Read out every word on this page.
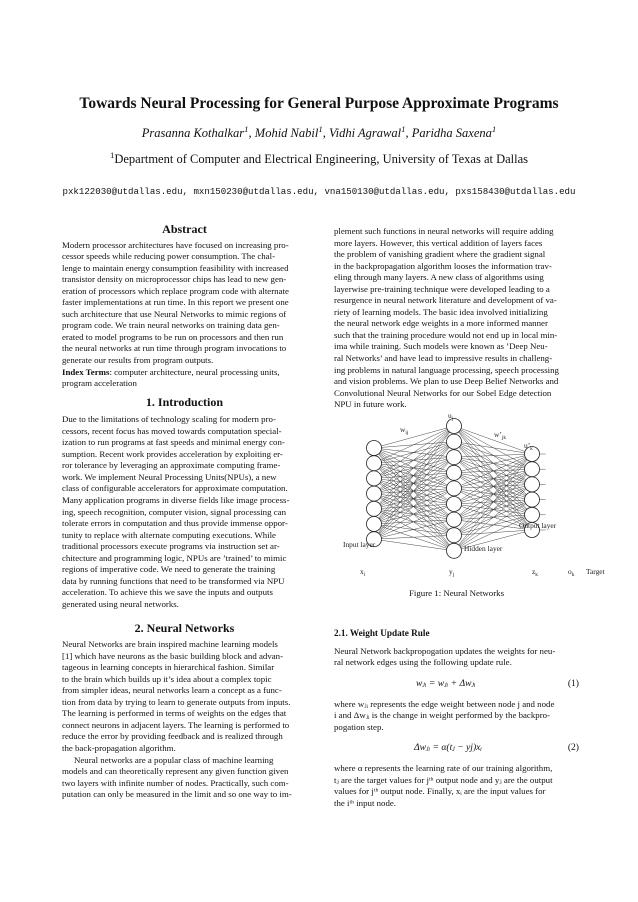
Towards Neural Processing for General Purpose Approximate Programs
Prasanna Kothalkar$^1$, Mohid Nabil$^1$, Vidhi Agrawal$^1$, Paridha Saxena$^1$
$^1$Department of Computer and Electrical Engineering, University of Texas at Dallas
pxk122030@utdallas.edu, mxn150230@utdallas.edu, vna150130@utdallas.edu, pxs158430@utdallas.edu
Abstract
Modern processor architectures have focused on increasing pro-
cessor speeds while reducing power consumption. The chal-
lenge to maintain energy consumption feasibility with increased
transistor density on microprocessor chips has lead to new gen-
eration of processors which replace program code with alternate
faster implementations at run time. In this report we present one
such architecture that use Neural Networks to mimic regions of
program code. We train neural networks on training data gen-
erated to model programs to be run on processors and then run
the neural networks at run time through program invocations to
generate our results from program outputs.
Index Terms: computer architecture, neural processing units,
program acceleration
1. Introduction
Due to the limitations of technology scaling for modern pro-
cessors, recent focus has moved towards computation special-
ization to run programs at fast speeds and minimal energy con-
sumption. Recent work provides acceleration by exploiting er-
ror tolerance by leveraging an approximate computing frame-
work. We implement Neural Processing Units(NPUs), a new
class of configurable accelerators for approximate computation.
Many application programs in diverse fields like image process-
ing, speech recognition, computer vision, signal processing can
tolerate errors in computation and thus provide immense oppor-
tunity to replace with alternate computing executions. While
traditional processors execute programs via instruction set ar-
chitecture and programming logic, NPUs are ’trained’ to mimic
regions of imperative code. We need to generate the training
data by running functions that need to be transformed via NPU
acceleration. To achieve this we save the inputs and outputs
generated using neural networks.
2. Neural Networks
Neural Networks are brain inspired machine learning models
[1] which have neurons as the basic building block and advan-
tageous in learning concepts in hierarchical fashion. Similar
to the brain which builds up it’s idea about a complex topic
from simpler ideas, neural networks learn a concept as a func-
tion from data by trying to learn to generate outputs from inputs.
The learning is performed in terms of weights on the edges that
connect neurons in adjacent layers. The learning is performed to
reduce the error by providing feedback and is realized through
the back-propagation algorithm.
Neural networks are a popular class of machine learning
models and can theoretically represent any given function given
two layers with infinite number of nodes. Practically, such com-
putation can only be measured in the limit and so one way to im-
plement such functions in neural networks will require adding
more layers. However, this vertical addition of layers faces
the problem of vanishing gradient where the gradient signal
in the backpropagation algorithm looses the information trav-
eling through many layers. A new class of algorithms using
layerwise pre-training technique were developed leading to a
resurgence in neural network literature and development of va-
riety of learning models. The basic idea involved initializing
the neural network edge weights in a more informed manner
such that the training procedure would not end up in local min-
ima while training. Such models were known as ’Deep Neu-
ral Networks’ and have lead to impressive results in challeng-
ing problems in natural language processing, speech processing
and vision problems. We plan to use Deep Belief Networks and
Convolutional Neural Networks for our Sobel Edge detection
NPU in future work.
$w_{ij}$
$u_j$
$w’_{jk}$
$u’_k$
Input layer	Hidden layer
Output layer
$x_i$	$y_j$	$z_k$	$o_k$ Target
Figure 1: Neural Networks
2.1. Weight Update Rule
Neural Network backpropogation updates the weights for neu-
ral network edges using the following update rule.
wⱼᵢ = wⱼᵢ + Δwⱼᵢ	(1)
where wⱼᵢ represents the edge weight between node j and node
i and Δwⱼᵢ is the change in weight performed by the backpro-
pogation step.
Δwⱼᵢ = α(tⱼ − yj)xᵢ	(2)
where α represents the learning rate of our training algorithm,
tⱼ are the target values for jᵗʰ output node and yⱼ are the output
values for jᵗʰ output node. Finally, xᵢ are the input values for
the iᵗʰ input node.
